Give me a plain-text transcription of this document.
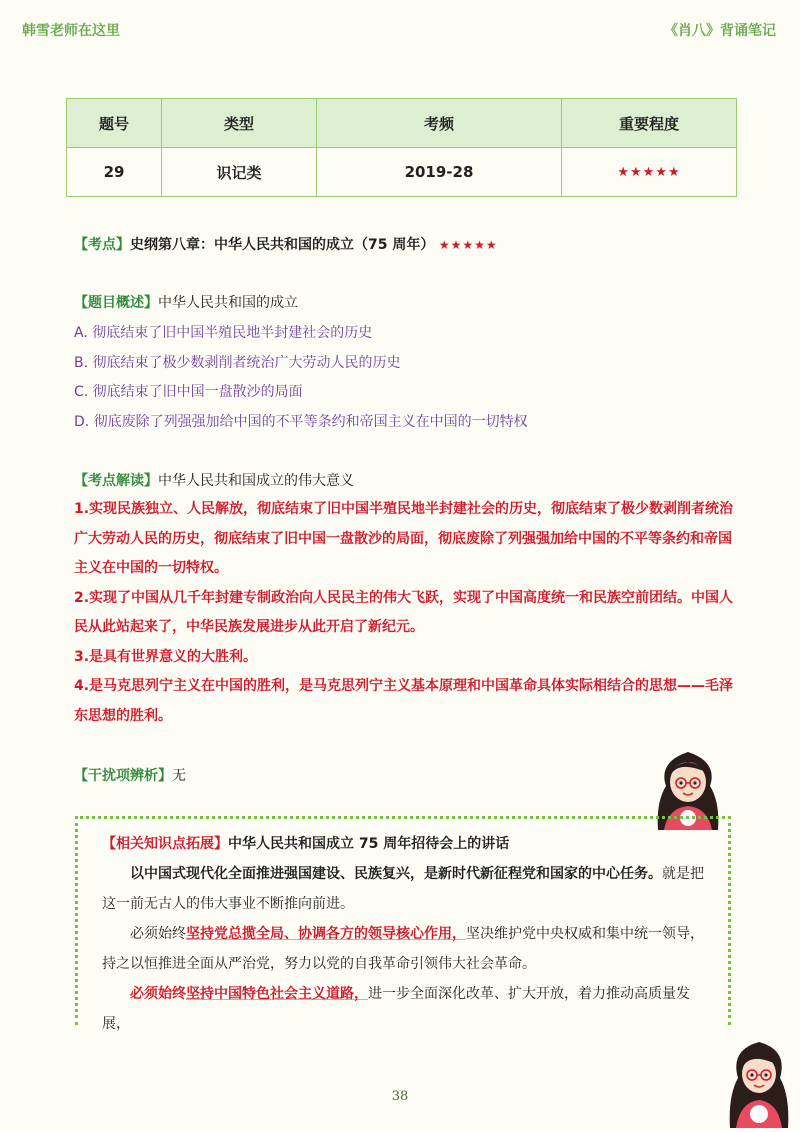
韩雪老师在这里	《肖八》背诵笔记
题号	类型	考频	重要程度
29	识记类	2019-28	★★★★★
【考点】史纲第八章：中华人民共和国的成立（75 周年） ★★★★★
【题目概述】中华人民共和国的成立
A. 彻底结束了旧中国半殖民地半封建社会的历史
B. 彻底结束了极少数剥削者统治广大劳动人民的历史
C. 彻底结束了旧中国一盘散沙的局面
D. 彻底废除了列强强加给中国的不平等条约和帝国主义在中国的一切特权
【考点解读】中华人民共和国成立的伟大意义

1.实现民族独立、人民解放，彻底结束了旧中国半殖民地半封建社会的历史，彻底结束了极少数剥削者统治广大劳动人民的历史，彻底结束了旧中国一盘散沙的局面，彻底废除了列强强加给中国的不平等条约和帝国主义在中国的一切特权。

2.实现了中国从几千年封建专制政治向人民民主的伟大飞跃，实现了中国高度统一和民族空前团结。中国人民从此站起来了，中华民族发展进步从此开启了新纪元。

3.是具有世界意义的大胜利。

4.是马克思列宁主义在中国的胜利，是马克思列宁主义基本原理和中国革命具体实际相结合的思想——毛泽东思想的胜利。

【干扰项辨析】无

【相关知识点拓展】中华人民共和国成立 75 周年招待会上的讲话

以中国式现代化全面推进强国建设、民族复兴，是新时代新征程党和国家的中心任务。就是把这一前无古人的伟大事业不断推向前进。

必须始终坚持党总揽全局、协调各方的领导核心作用，坚决维护党中央权威和集中统一领导，持之以恒推进全面从严治党，努力以党的自我革命引领伟大社会革命。

必须始终坚持中国特色社会主义道路，进一步全面深化改革、扩大开放，着力推动高质量发展，

38
